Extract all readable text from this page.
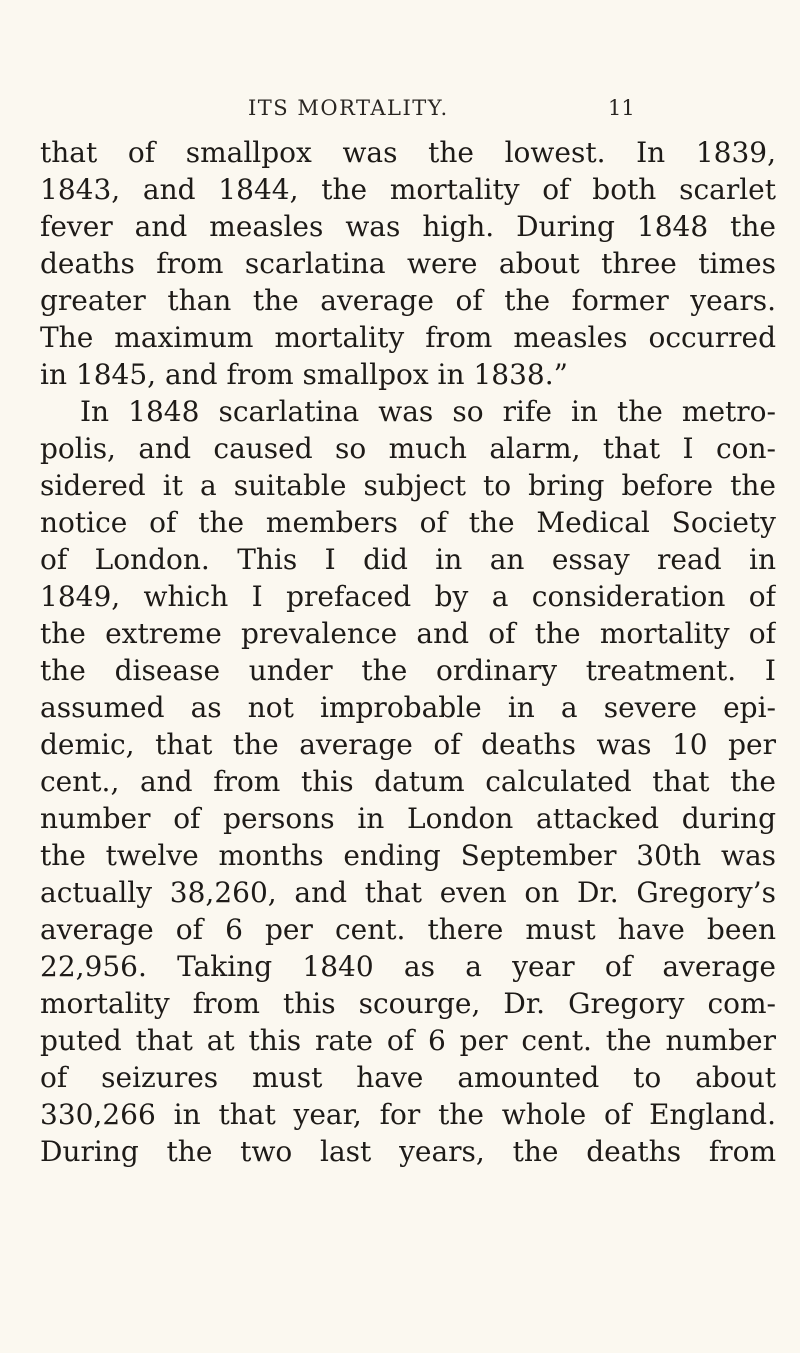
ITS MORTALITY.	11
that of smallpox was the lowest. In 1839,
1843, and 1844, the mortality of both scarlet
fever and measles was high. During 1848 the
deaths from scarlatina were about three times
greater than the average of the former years.
The maximum mortality from measles occurred
in 1845, and from smallpox in 1838.”
In 1848 scarlatina was so rife in the metro-
polis, and caused so much alarm, that I con-
sidered it a suitable subject to bring before the
notice of the members of the Medical Society
of London. This I did in an essay read in
1849, which I prefaced by a consideration of
the extreme prevalence and of the mortality of
the disease under the ordinary treatment. I
assumed as not improbable in a severe epi-
demic, that the average of deaths was 10 per
cent., and from this datum calculated that the
number of persons in London attacked during
the twelve months ending September 30th was
actually 38,260, and that even on Dr. Gregory’s
average of 6 per cent. there must have been
22,956. Taking 1840 as a year of average
mortality from this scourge, Dr. Gregory com-
puted that at this rate of 6 per cent. the number
of seizures must have amounted to about
330,266 in that year, for the whole of England.
During the two last years, the deaths from
